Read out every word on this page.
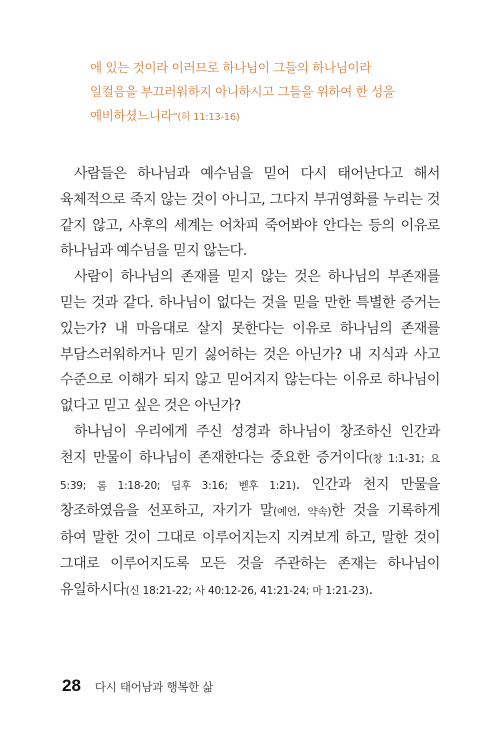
에 있는 것이라 이러므로 하나님이 그들의 하나님이라 일컬음을 부끄러워하지 아니하시고 그들을 위하여 한 성을 예비하셨느니라”(히 11:13-16)

사람들은 하나님과 예수님을 믿어 다시 태어난다고 해서 육체적으로 죽지 않는 것이 아니고, 그다지 부귀영화를 누리는 것 같지 않고, 사후의 세계는 어차피 죽어봐야 안다는 등의 이유로 하나님과 예수님을 믿지 않는다.

사람이 하나님의 존재를 믿지 않는 것은 하나님의 부존재를 믿는 것과 같다. 하나님이 없다는 것을 믿을 만한 특별한 증거는 있는가? 내 마음대로 살지 못한다는 이유로 하나님의 존재를 부담스러워하거나 믿기 싫어하는 것은 아닌가? 내 지식과 사고 수준으로 이해가 되지 않고 믿어지지 않는다는 이유로 하나님이 없다고 믿고 싶은 것은 아닌가?

하나님이 우리에게 주신 성경과 하나님이 창조하신 인간과 천지 만물이 하나님이 존재한다는 중요한 증거이다(창 1:1-31; 요 5:39; 롬 1:18-20; 딤후 3:16; 벧후 1:21). 인간과 천지 만물을 창조하였음을 선포하고, 자기가 말(예언, 약속)한 것을 기록하게 하여 말한 것이 그대로 이루어지는지 지켜보게 하고, 말한 것이 그대로 이루어지도록 모든 것을 주관하는 존재는 하나님이 유일하시다(신 18:21-22; 사 40:12-26, 41:21-24; 마 1:21-23).

28 다시 태어남과 행복한 삶
